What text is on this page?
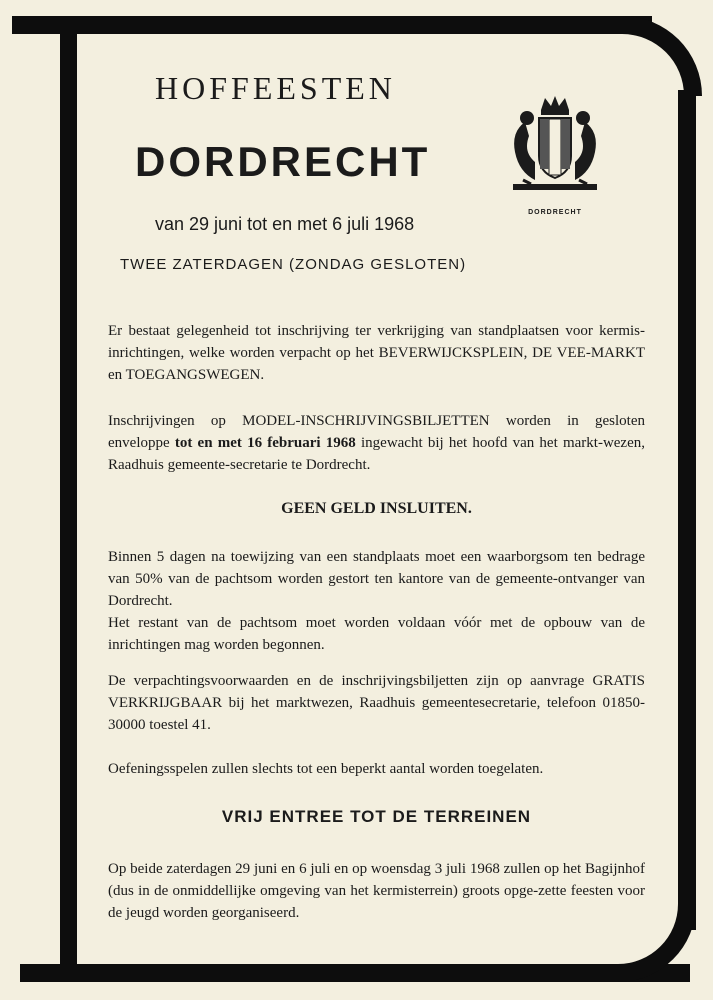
HOFFEESTEN
DORDRECHT
van 29 juni tot en met 6 juli 1968
DORDRECHT
TWEE ZATERDAGEN (ZONDAG GESLOTEN)
Er bestaat gelegenheid tot inschrijving ter verkrijging van standplaatsen voor kermis-inrichtingen, welke worden verpacht op het BEVERWIJCKSPLEIN, DE VEE-MARKT en TOEGANGSWEGEN.
Inschrijvingen op MODEL-INSCHRIJVINGSBILJETTEN worden in gesloten enveloppe tot en met 16 februari 1968 ingewacht bij het hoofd van het markt-wezen, Raadhuis gemeente-secretarie te Dordrecht.
GEEN GELD INSLUITEN.
Binnen 5 dagen na toewijzing van een standplaats moet een waarborgsom ten bedrage van 50% van de pachtsom worden gestort ten kantore van de gemeente-ontvanger van Dordrecht.
Het restant van de pachtsom moet worden voldaan vóór met de opbouw van de inrichtingen mag worden begonnen.
De verpachtingsvoorwaarden en de inschrijvingsbiljetten zijn op aanvrage GRATIS VERKRIJGBAAR bij het marktwezen, Raadhuis gemeentesecretarie, telefoon 01850-30000 toestel 41.
Oefeningsspelen zullen slechts tot een beperkt aantal worden toegelaten.
VRIJ ENTREE TOT DE TERREINEN
Op beide zaterdagen 29 juni en 6 juli en op woensdag 3 juli 1968 zullen op het Bagijnhof (dus in de onmiddellijke omgeving van het kermisterrein) groots opge-zette feesten voor de jeugd worden georganiseerd.
